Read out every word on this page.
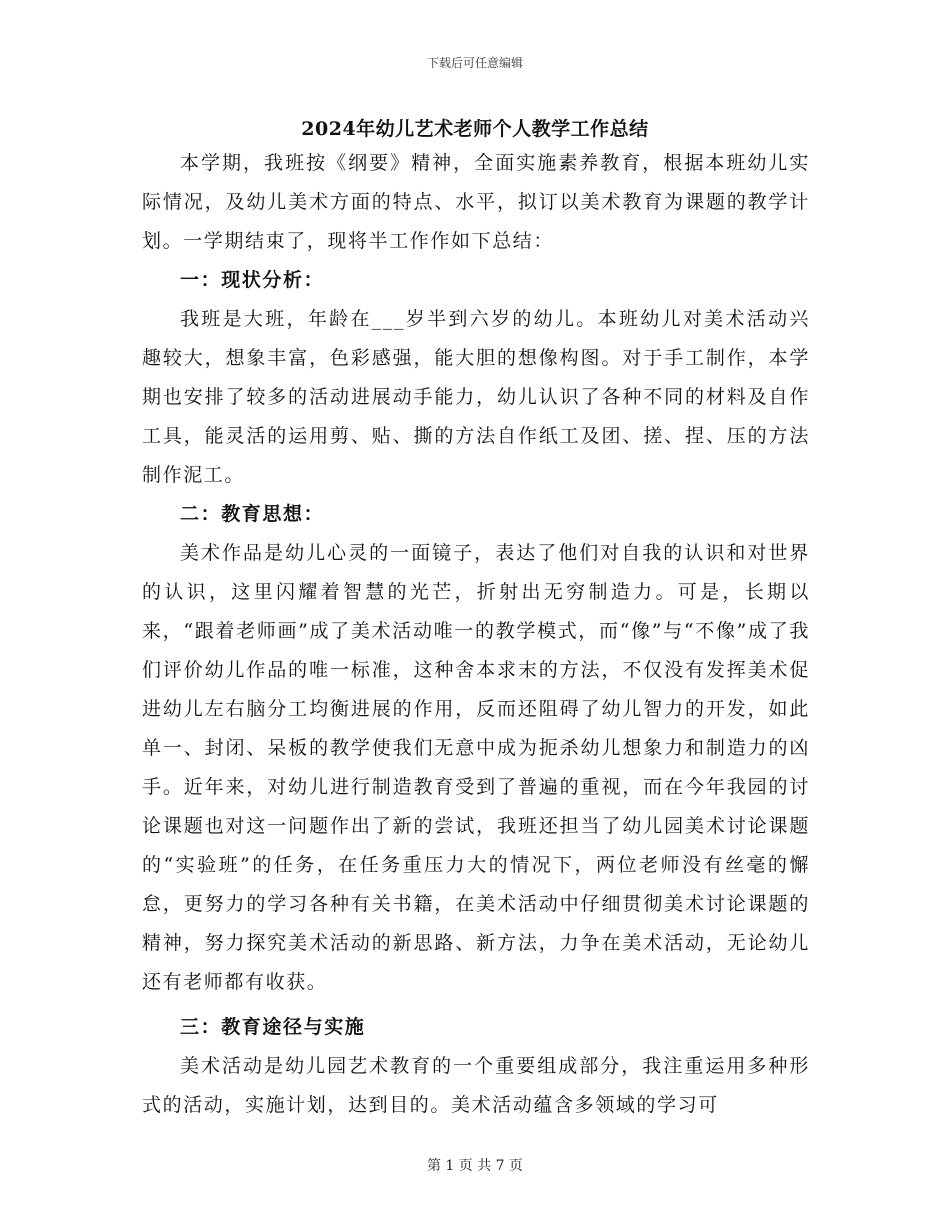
下载后可任意编辑
2024年幼儿艺术老师个人教学工作总结

本学期，我班按《纲要》精神，全面实施素养教育，根据本班幼儿实际情况，及幼儿美术方面的特点、水平，拟订以美术教育为课题的教学计划。一学期结束了，现将半工作作如下总结：

一：现状分析：

我班是大班，年龄在___岁半到六岁的幼儿。本班幼儿对美术活动兴趣较大，想象丰富，色彩感强，能大胆的想像构图。对于手工制作，本学期也安排了较多的活动进展动手能力，幼儿认识了各种不同的材料及自作工具，能灵活的运用剪、贴、撕的方法自作纸工及团、搓、捏、压的方法制作泥工。

二：教育思想：

美术作品是幼儿心灵的一面镜子，表达了他们对自我的认识和对世界的认识，这里闪耀着智慧的光芒，折射出无穷制造力。可是，长期以来，“跟着老师画”成了美术活动唯一的教学模式，而“像”与“不像”成了我们评价幼儿作品的唯一标准，这种舍本求末的方法，不仅没有发挥美术促进幼儿左右脑分工均衡进展的作用，反而还阻碍了幼儿智力的开发，如此单一、封闭、呆板的教学使我们无意中成为扼杀幼儿想象力和制造力的凶手。近年来，对幼儿进行制造教育受到了普遍的重视，而在今年我园的讨论课题也对这一问题作出了新的尝试，我班还担当了幼儿园美术讨论课题的“实验班”的任务，在任务重压力大的情况下，两位老师没有丝毫的懈怠，更努力的学习各种有关书籍，在美术活动中仔细贯彻美术讨论课题的精神，努力探究美术活动的新思路、新方法，力争在美术活动，无论幼儿还有老师都有收获。

三：教育途径与实施

美术活动是幼儿园艺术教育的一个重要组成部分，我注重运用多种形式的活动，实施计划，达到目的。美术活动蕴含多领域的学习可

第 1 页 共 7 页
